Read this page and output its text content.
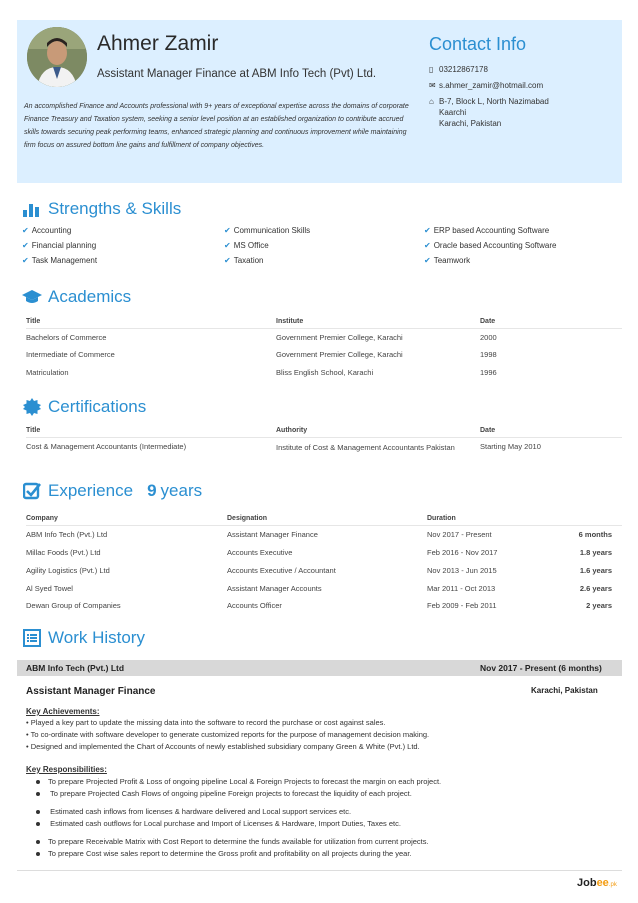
Ahmer Zamir
Assistant Manager Finance at ABM Info Tech (Pvt) Ltd.
An accomplished Finance and Accounts professional with 9+ years of exceptional expertise across the domains of corporate Finance Treasury and Taxation system, seeking a senior level position at an established organization to contribute accrued skills towards securing peak performing teams, enhanced strategic planning and continuous improvement while maintaining firm focus on assured bottom line gains and fulfillment of company objectives.
Contact Info
▯ 03212867178
✉ s.ahmer_zamir@hotmail.com
⌂ B-7, Block L, North Nazimabad
Kaarchi
Karachi, Pakistan
Strengths & Skills
✔ Accounting	✔ Communication Skills	✔ ERP based Accounting Software
✔ Financial planning	✔ MS Office	✔ Oracle based Accounting Software
✔ Task Management	✔ Taxation	✔ Teamwork
Academics
Title	Institute	Date
Bachelors of Commerce	Government Premier College, Karachi	2000
Intermediate of Commerce	Government Premier College, Karachi	1998
Matriculation	Bliss English School, Karachi	1996
Certifications
Title	Authority	Date
Cost & Management Accountants (Intermediate)	Institute of Cost & Management Accountants Pakistan	Starting May 2010
Experience 9 years
Company	Designation	Duration
ABM Info Tech (Pvt.) Ltd	Assistant Manager Finance	Nov 2017 - Present	6 months
Millac Foods (Pvt.) Ltd	Accounts Executive	Feb 2016 - Nov 2017	1.8 years
Agility Logistics (Pvt.) Ltd	Accounts Executive / Accountant	Nov 2013 - Jun 2015	1.6 years
Al Syed Towel	Assistant Manager Accounts	Mar 2011 - Oct 2013	2.6 years
Dewan Group of Companies	Accounts Officer	Feb 2009 - Feb 2011	2 years
Work History
ABM Info Tech (Pvt.) Ltd	Nov 2017 - Present (6 months)
Assistant Manager Finance	Karachi, Pakistan
Key Achievements:
• Played a key part to update the missing data into the software to record the purchase or cost against sales.
• To co-ordinate with software developer to generate customized reports for the purpose of management decision making.
• Designed and implemented the Chart of Accounts of newly established subsidiary company Green & White (Pvt.) Ltd.
Key Responsibilities:
To prepare Projected Profit & Loss of ongoing pipeline Local & Foreign Projects to forecast the margin on each project.
To prepare Projected Cash Flows of ongoing pipeline Foreign projects to forecast the liquidity of each project.
Estimated cash inflows from licenses & hardware delivered and Local support services etc.
Estimated cash outflows for Local purchase and Import of Licenses & Hardware, Import Duties, Taxes etc.
To prepare Receivable Matrix with Cost Report to determine the funds available for utilization from current projects.
To prepare Cost wise sales report to determine the Gross profit and profitability on all projects during the year.
Jobee.pk
